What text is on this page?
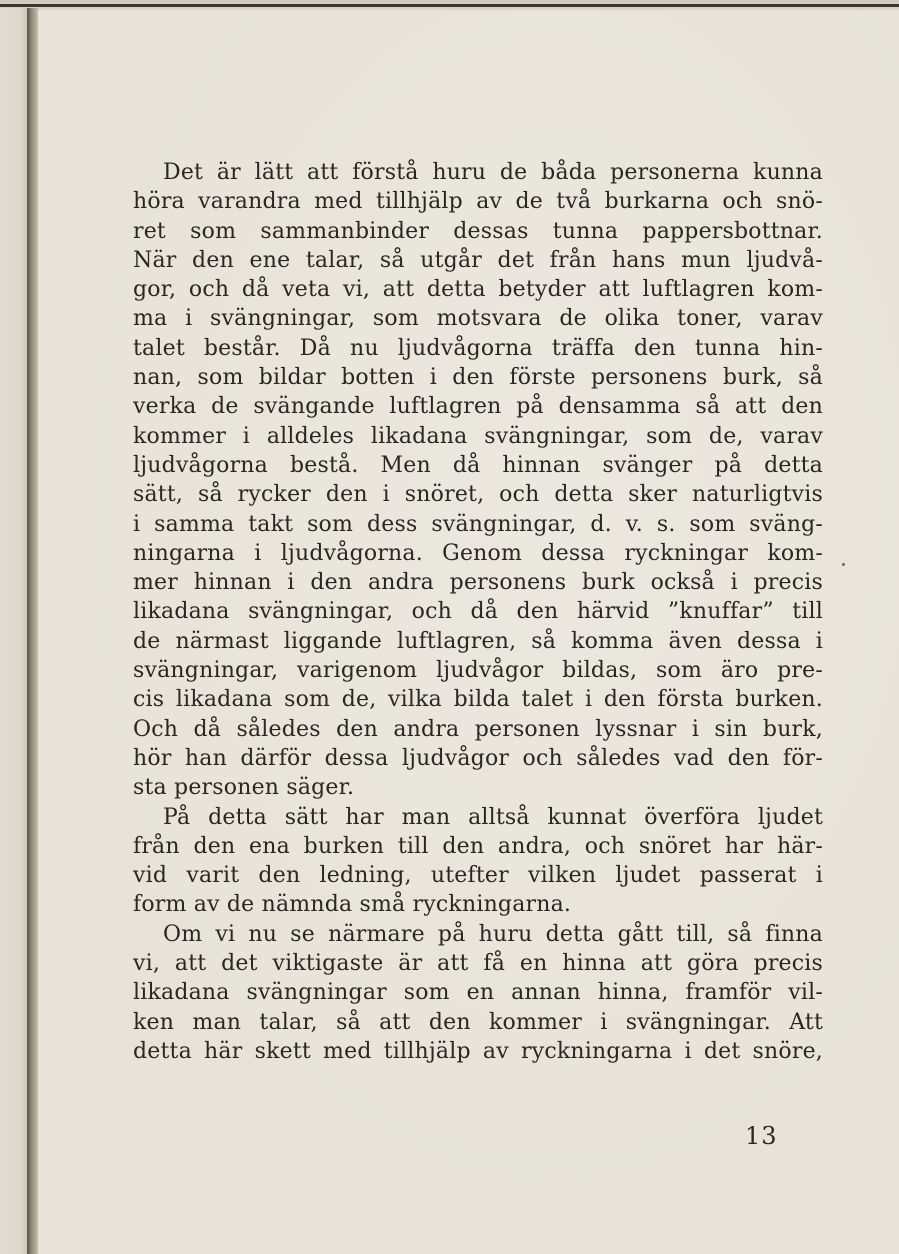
Det är lätt att förstå huru de båda personerna kunna
höra varandra med tillhjälp av de två burkarna och snö-
ret som sammanbinder dessas tunna pappersbottnar.
När den ene talar, så utgår det från hans mun ljudvå-
gor, och då veta vi, att detta betyder att luftlagren kom-
ma i svängningar, som motsvara de olika toner, varav
talet består. Då nu ljudvågorna träffa den tunna hin-
nan, som bildar botten i den förste personens burk, så
verka de svängande luftlagren på densamma så att den
kommer i alldeles likadana svängningar, som de, varav
ljudvågorna bestå. Men då hinnan svänger på detta
sätt, så rycker den i snöret, och detta sker naturligtvis
i samma takt som dess svängningar, d. v. s. som sväng-
ningarna i ljudvågorna. Genom dessa ryckningar kom-
mer hinnan i den andra personens burk också i precis
likadana svängningar, och då den härvid ”knuffar” till
de närmast liggande luftlagren, så komma även dessa i
svängningar, varigenom ljudvågor bildas, som äro pre-
cis likadana som de, vilka bilda talet i den första burken.
Och då således den andra personen lyssnar i sin burk,
hör han därför dessa ljudvågor och således vad den för-
sta personen säger.
På detta sätt har man alltså kunnat överföra ljudet
från den ena burken till den andra, och snöret har här-
vid varit den ledning, utefter vilken ljudet passerat i
form av de nämnda små ryckningarna.
Om vi nu se närmare på huru detta gått till, så finna
vi, att det viktigaste är att få en hinna att göra precis
likadana svängningar som en annan hinna, framför vil-
ken man talar, så att den kommer i svängningar. Att
detta här skett med tillhjälp av ryckningarna i det snöre,
13
